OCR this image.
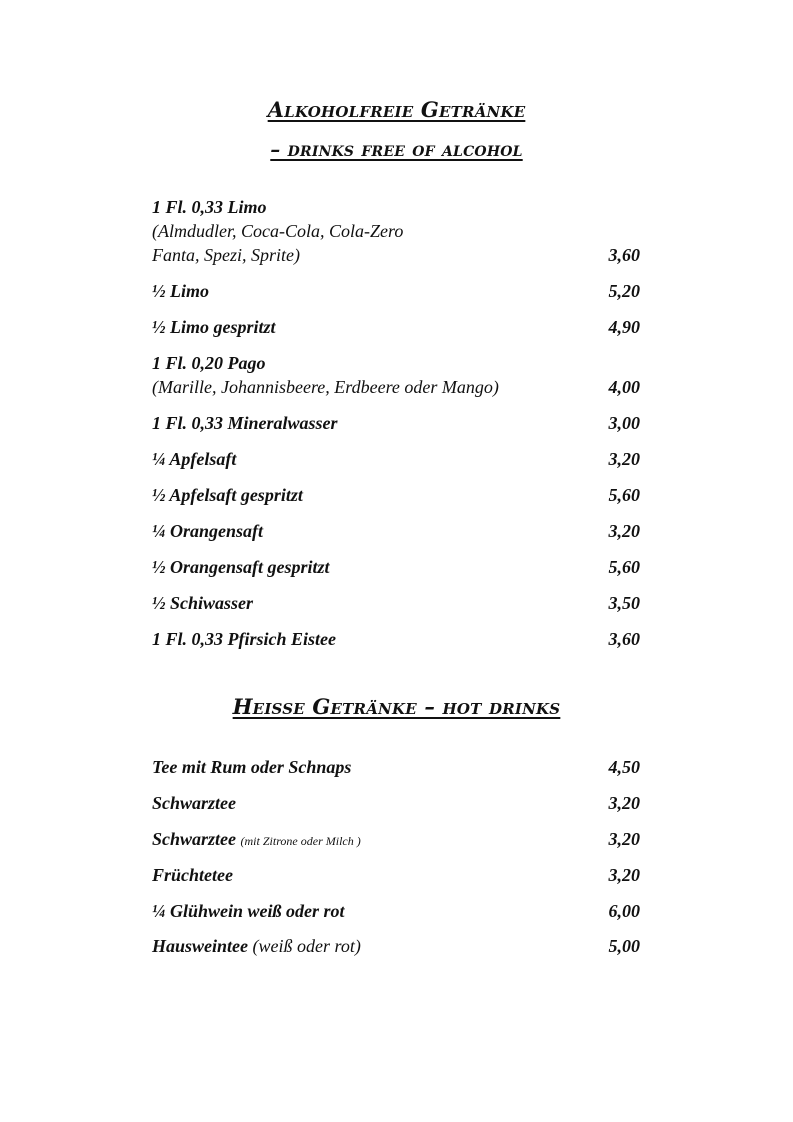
Alkoholfreie Getränke
– drinks free of alcohol
1 Fl. 0,33 Limo
(Almdudler, Coca-Cola, Cola-Zero
Fanta, Spezi, Sprite)	3,60
½ Limo	5,20
½ Limo gespritzt	4,90
1 Fl. 0,20 Pago
(Marille, Johannisbeere, Erdbeere oder Mango)	4,00
1 Fl. 0,33 Mineralwasser	3,00
¼ Apfelsaft	3,20
½ Apfelsaft gespritzt	5,60
¼ Orangensaft	3,20
½ Orangensaft gespritzt	5,60
½ Schiwasser	3,50
1 Fl. 0,33 Pfirsich Eistee	3,60
Heisse Getränke – hot drinks
Tee mit Rum oder Schnaps	4,50
Schwarztee	3,20
Schwarztee (mit Zitrone oder Milch )	3,20
Früchtetee	3,20
¼ Glühwein weiß oder rot	6,00
Hausweintee (weiß oder rot)	5,00
